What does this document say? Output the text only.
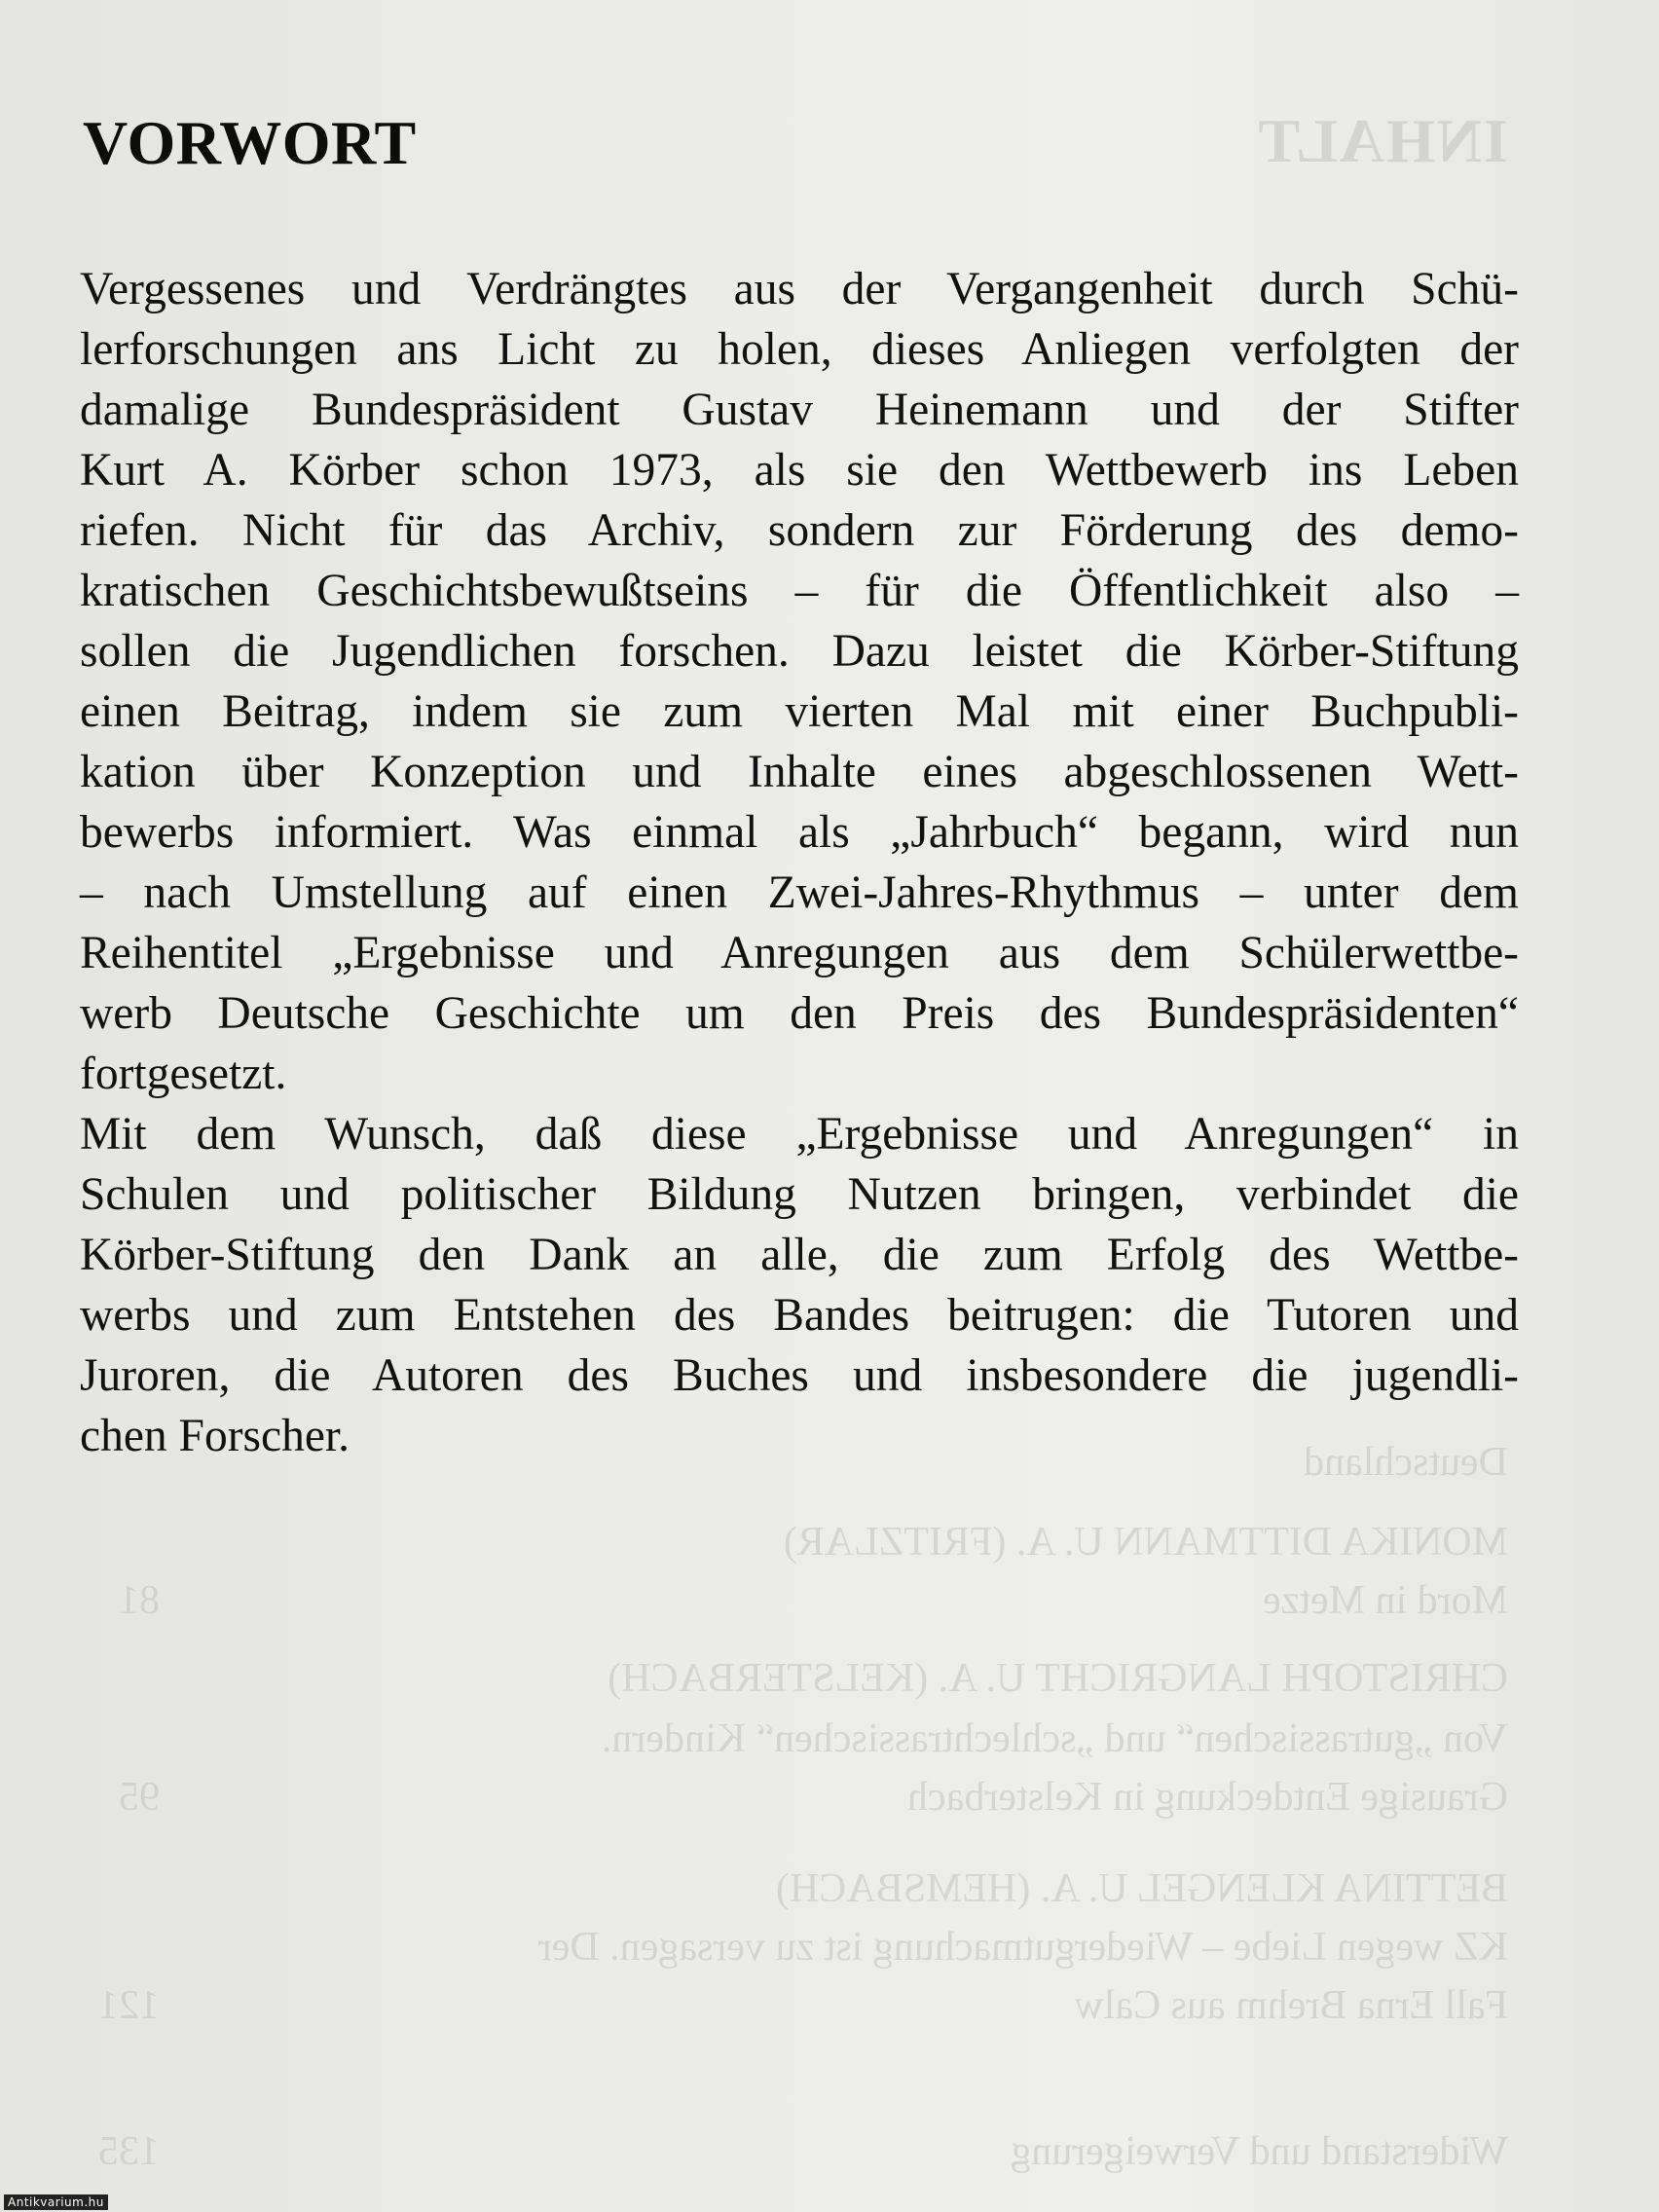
INHALT
Deutschland
MONIKA DITTMANN U. A. (FRITZLAR)
Mord in Metze
CHRISTOPH LANGRICHT U. A. (KELSTERBACH)
Von „gutrassischen“ und „schlechtrassischen“ Kindern.
Grausige Entdeckung in Kelsterbach
BETTINA KLENGEL U. A. (HEMSBACH)
KZ wegen Liebe – Wiedergutmachung ist zu versagen. Der
Fall Erna Brehm aus Calw
Widerstand und Verweigerung
81
95
121
135
VORWORT
Vergessenes und Verdrängtes aus der Vergangenheit durch Schü-
lerforschungen ans Licht zu holen, dieses Anliegen verfolgten der
damalige Bundespräsident Gustav Heinemann und der Stifter
Kurt A. Körber schon 1973, als sie den Wettbewerb ins Leben
riefen. Nicht für das Archiv, sondern zur Förderung des demo-
kratischen Geschichtsbewußtseins – für die Öffentlichkeit also –
sollen die Jugendlichen forschen. Dazu leistet die Körber-Stiftung
einen Beitrag, indem sie zum vierten Mal mit einer Buchpubli-
kation über Konzeption und Inhalte eines abgeschlossenen Wett-
bewerbs informiert. Was einmal als „Jahrbuch“ begann, wird nun
– nach Umstellung auf einen Zwei-Jahres-Rhythmus – unter dem
Reihentitel „Ergebnisse und Anregungen aus dem Schülerwettbe-
werb Deutsche Geschichte um den Preis des Bundespräsidenten“
fortgesetzt.
Mit dem Wunsch, daß diese „Ergebnisse und Anregungen“ in
Schulen und politischer Bildung Nutzen bringen, verbindet die
Körber-Stiftung den Dank an alle, die zum Erfolg des Wettbe-
werbs und zum Entstehen des Bandes beitrugen: die Tutoren und
Juroren, die Autoren des Buches und insbesondere die jugendli-
chen Forscher.
Antikvarium.hu
